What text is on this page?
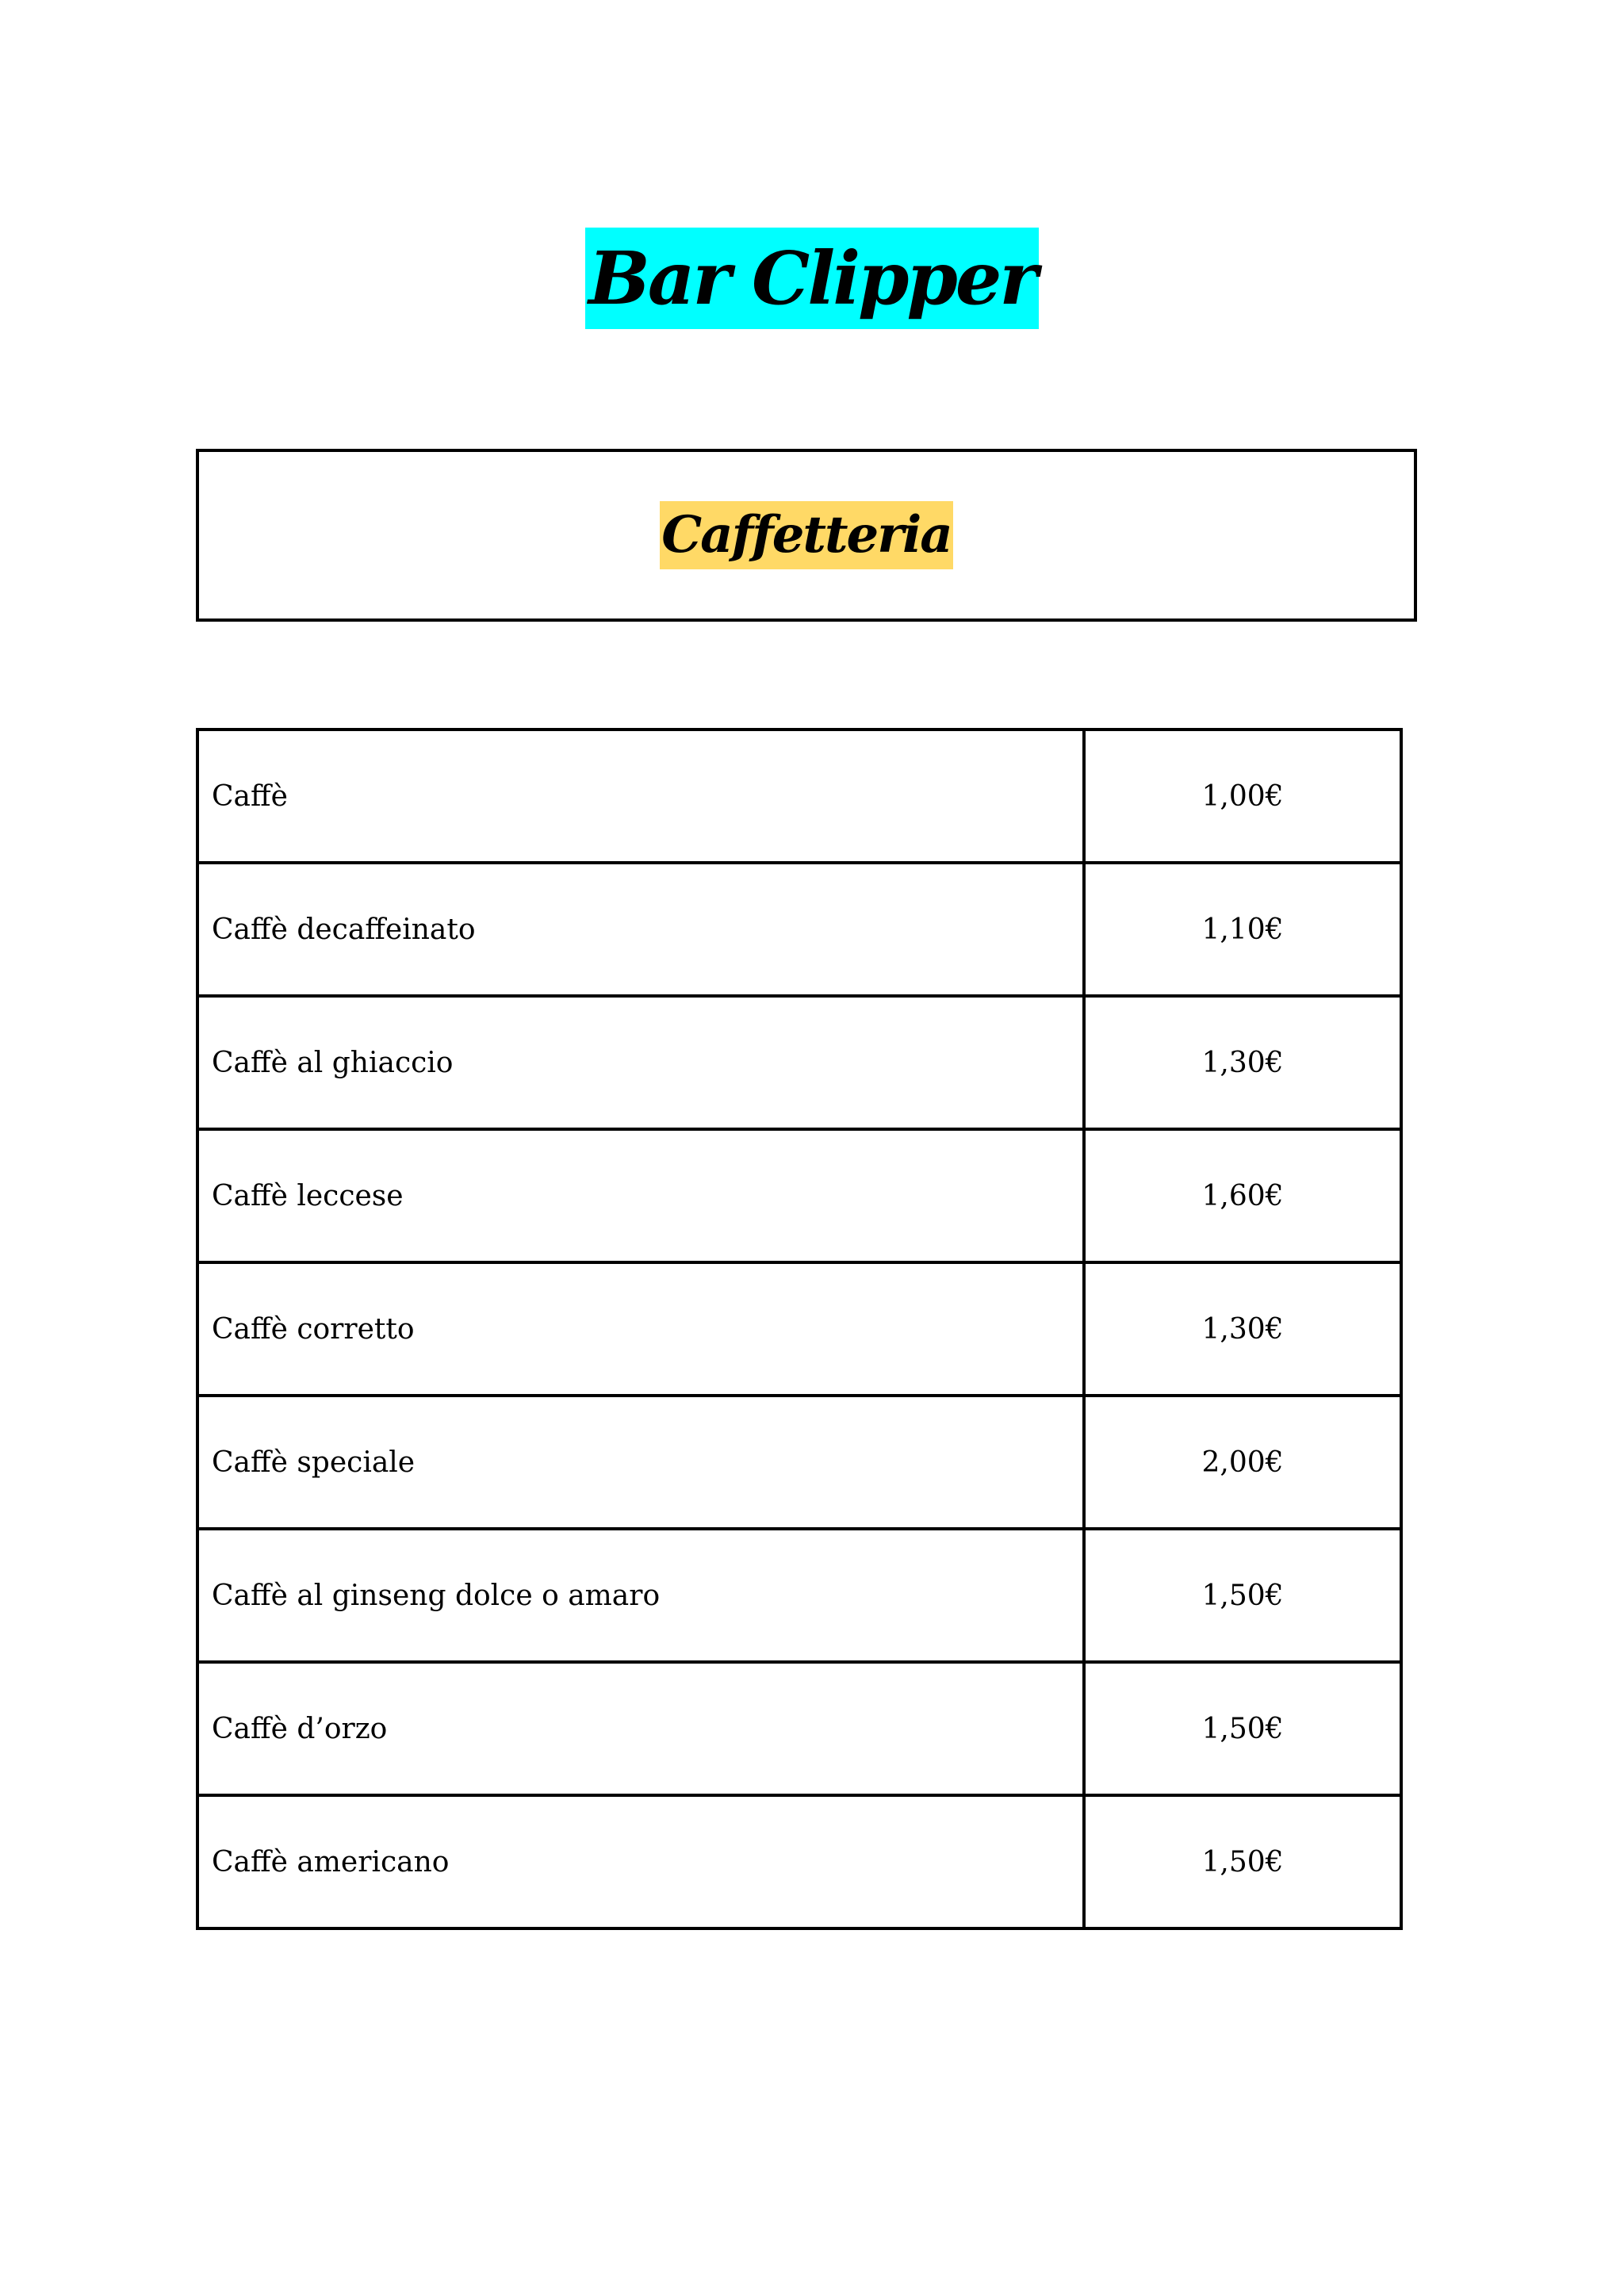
Bar Clipper
Caffetteria
Caffè	1,00€
Caffè decaffeinato	1,10€
Caffè al ghiaccio	1,30€
Caffè leccese	1,60€
Caffè corretto	1,30€
Caffè speciale	2,00€
Caffè al ginseng dolce o amaro	1,50€
Caffè d’orzo	1,50€
Caffè americano	1,50€
